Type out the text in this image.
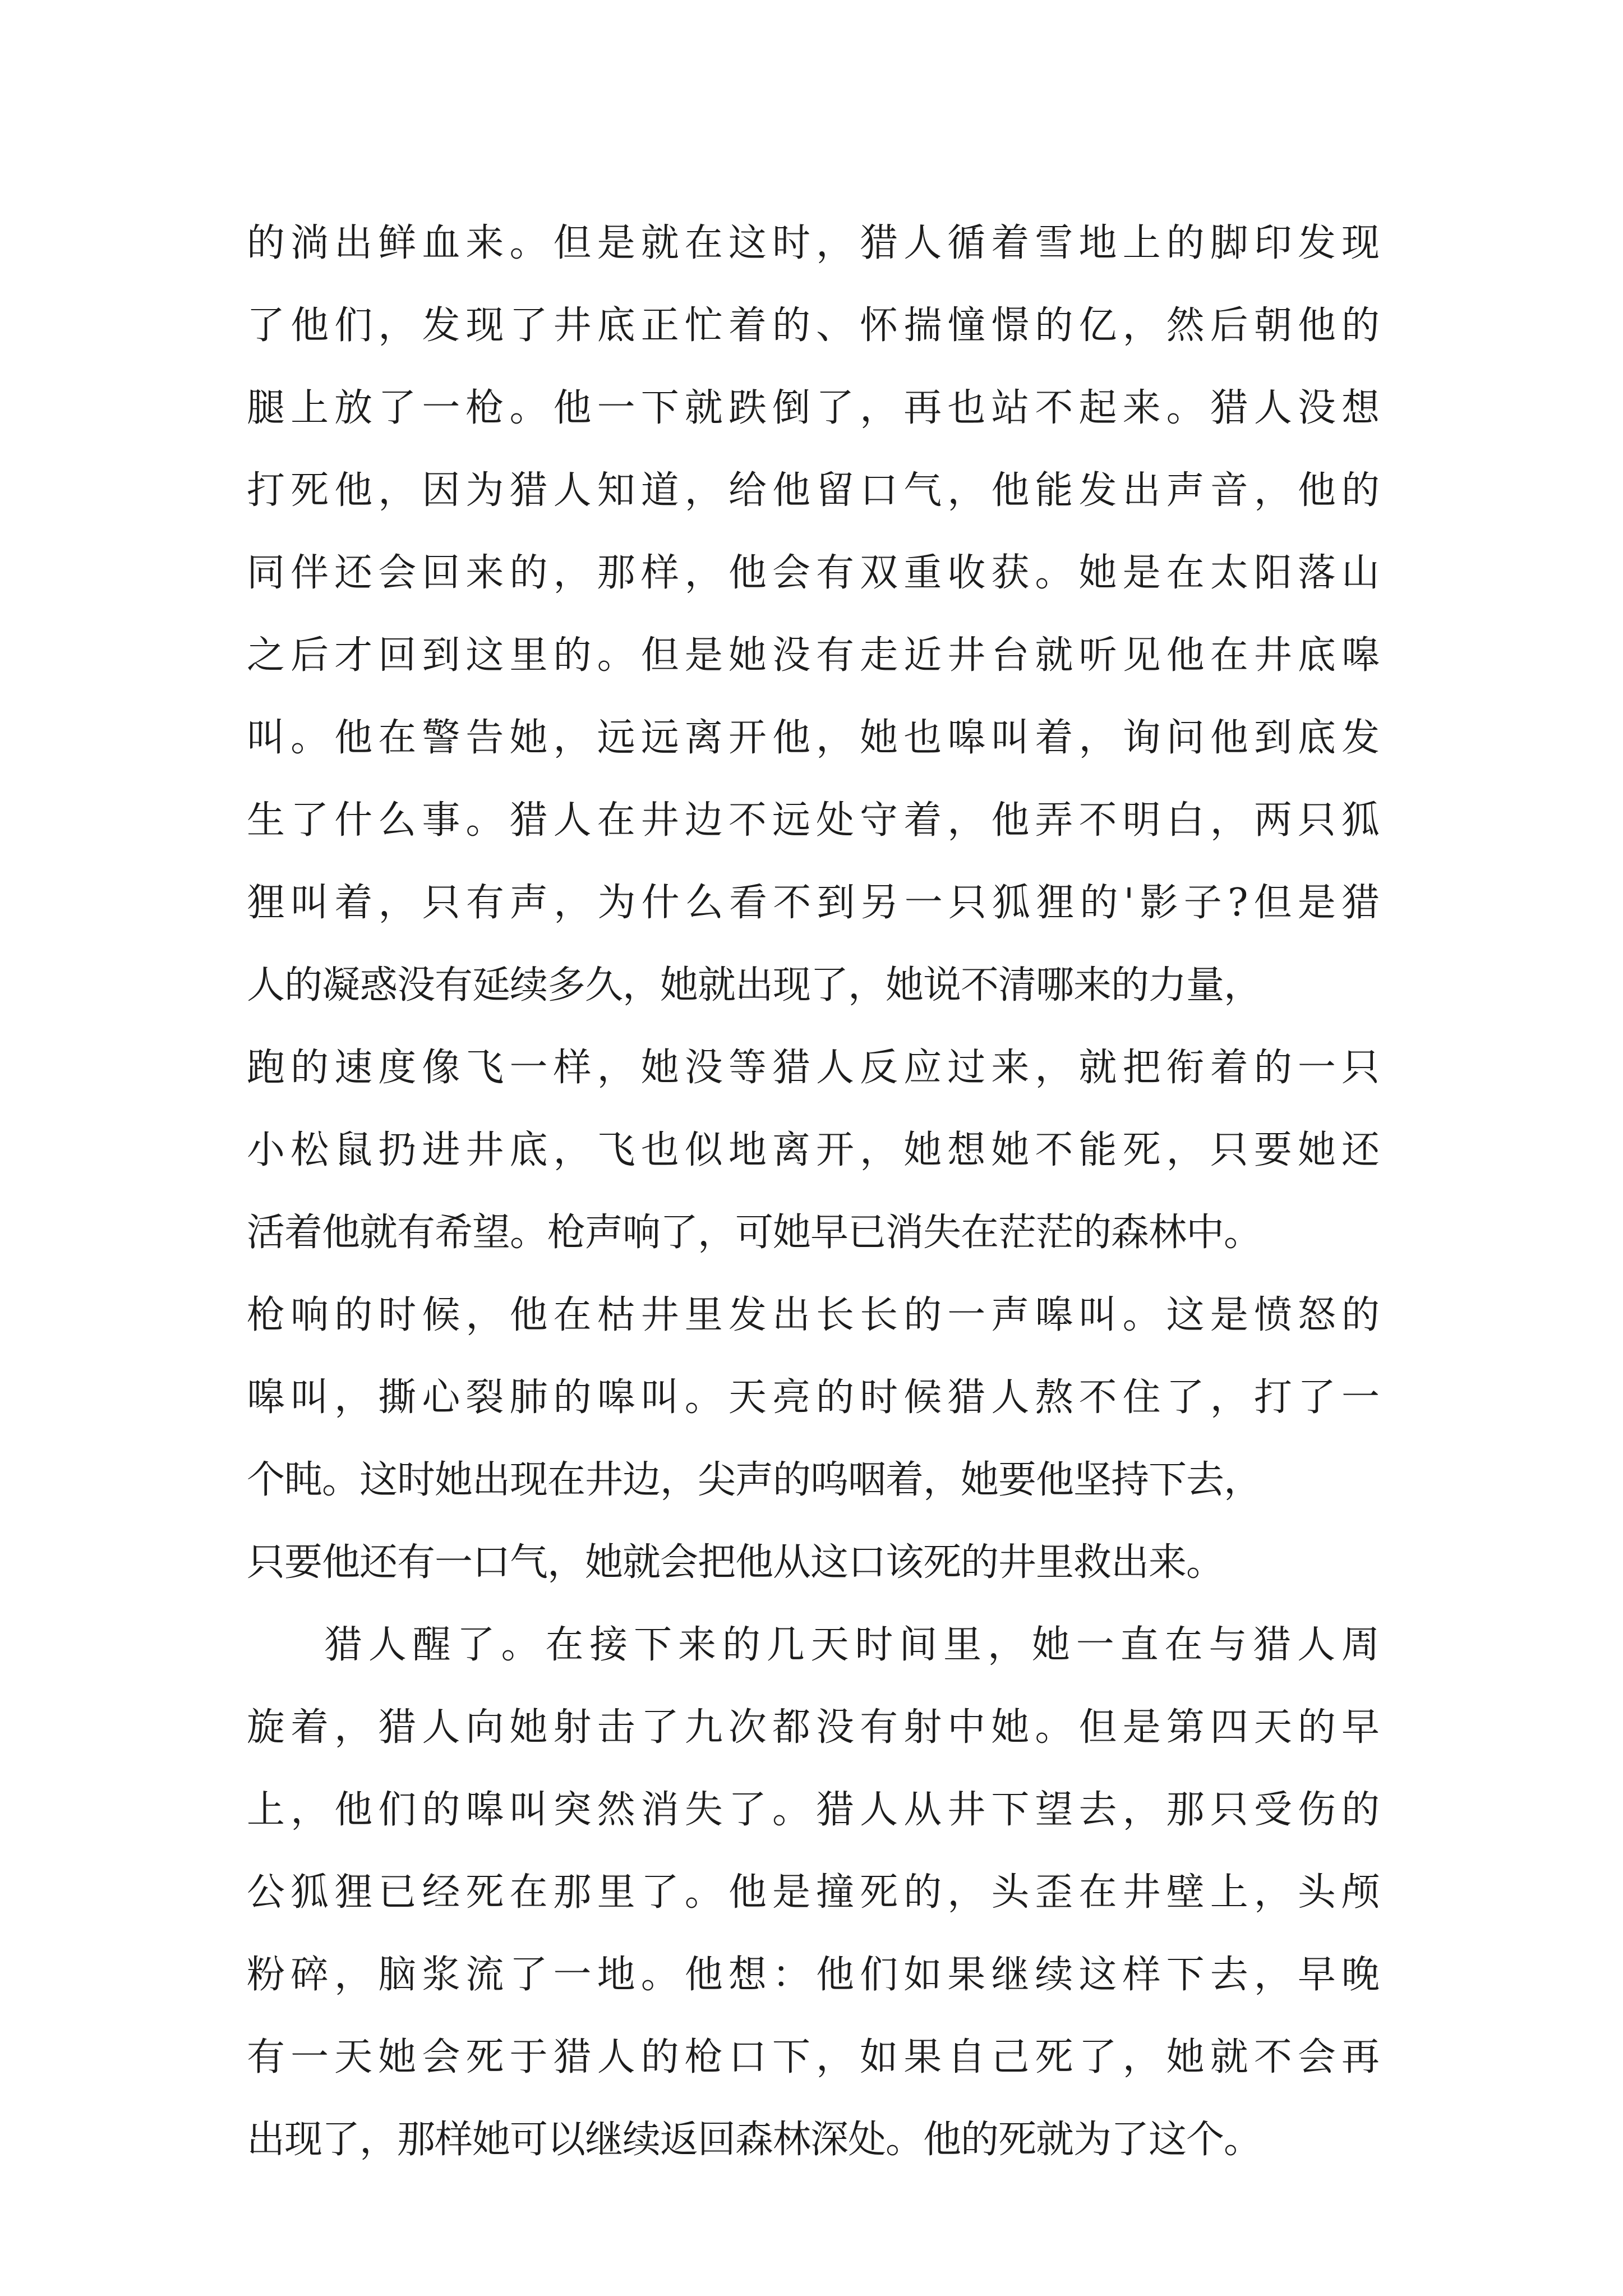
的淌出鲜血来。但是就在这时，猎人循着雪地上的脚印发现
了他们，发现了井底正忙着的、怀揣憧憬的亿，然后朝他的
腿上放了一枪。他一下就跌倒了，再也站不起来。猎人没想
打死他，因为猎人知道，给他留口气，他能发出声音，他的
同伴还会回来的，那样，他会有双重收获。她是在太阳落山
之后才回到这里的。但是她没有走近井台就听见他在井底嗥
叫。他在警告她，远远离开他，她也嗥叫着，询问他到底发
生了什么事。猎人在井边不远处守着，他弄不明白，两只狐
狸叫着，只有声，为什么看不到另一只狐狸的'影子?但是猎
人的凝惑没有延续多久，她就出现了，她说不清哪来的力量，
跑的速度像飞一样，她没等猎人反应过来，就把衔着的一只
小松鼠扔进井底，飞也似地离开，她想她不能死，只要她还
活着他就有希望。枪声响了，可她早已消失在茫茫的森林中。
枪响的时候，他在枯井里发出长长的一声嗥叫。这是愤怒的
嗥叫，撕心裂肺的嗥叫。天亮的时候猎人熬不住了，打了一
个盹。这时她出现在井边，尖声的呜咽着，她要他坚持下去，
只要他还有一口气，她就会把他从这口该死的井里救出来。
猎人醒了。在接下来的几天时间里，她一直在与猎人周
旋着，猎人向她射击了九次都没有射中她。但是第四天的早
上，他们的嗥叫突然消失了。猎人从井下望去，那只受伤的
公狐狸已经死在那里了。他是撞死的，头歪在井壁上，头颅
粉碎，脑浆流了一地。他想：他们如果继续这样下去，早晚
有一天她会死于猎人的枪口下，如果自己死了，她就不会再
出现了，那样她可以继续返回森林深处。他的死就为了这个。
